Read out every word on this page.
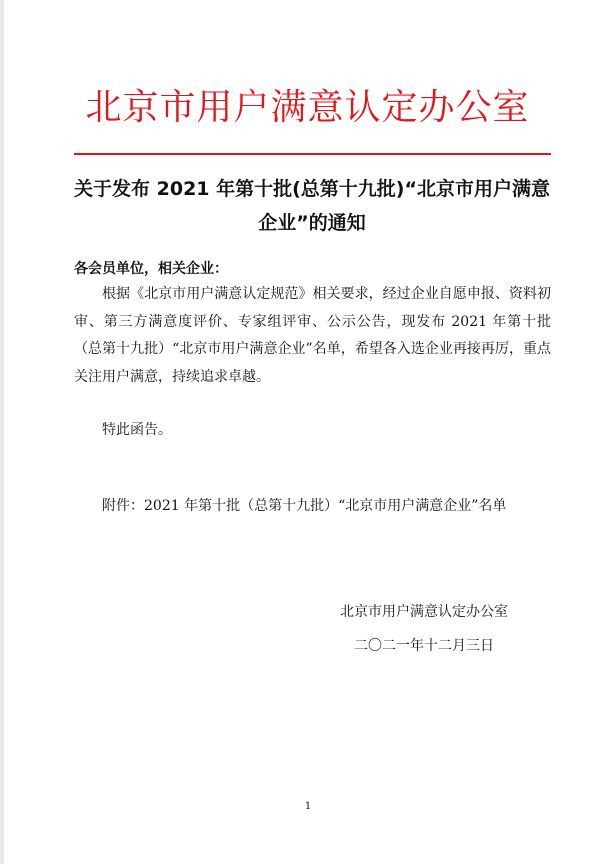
北京市用户满意认定办公室
关于发布 2021 年第十批(总第十九批)“北京市用户满意企业”的通知
各会员单位，相关企业：
根据《北京市用户满意认定规范》相关要求，经过企业自愿申报、资料初审、第三方满意度评价、专家组评审、公示公告，现发布 2021 年第十批（总第十九批）“北京市用户满意企业”名单，希望各入选企业再接再厉，重点关注用户满意，持续追求卓越。
特此函告。
附件：2021 年第十批（总第十九批）“北京市用户满意企业”名单
北京市用户满意认定办公室
二〇二一年十二月三日
1
